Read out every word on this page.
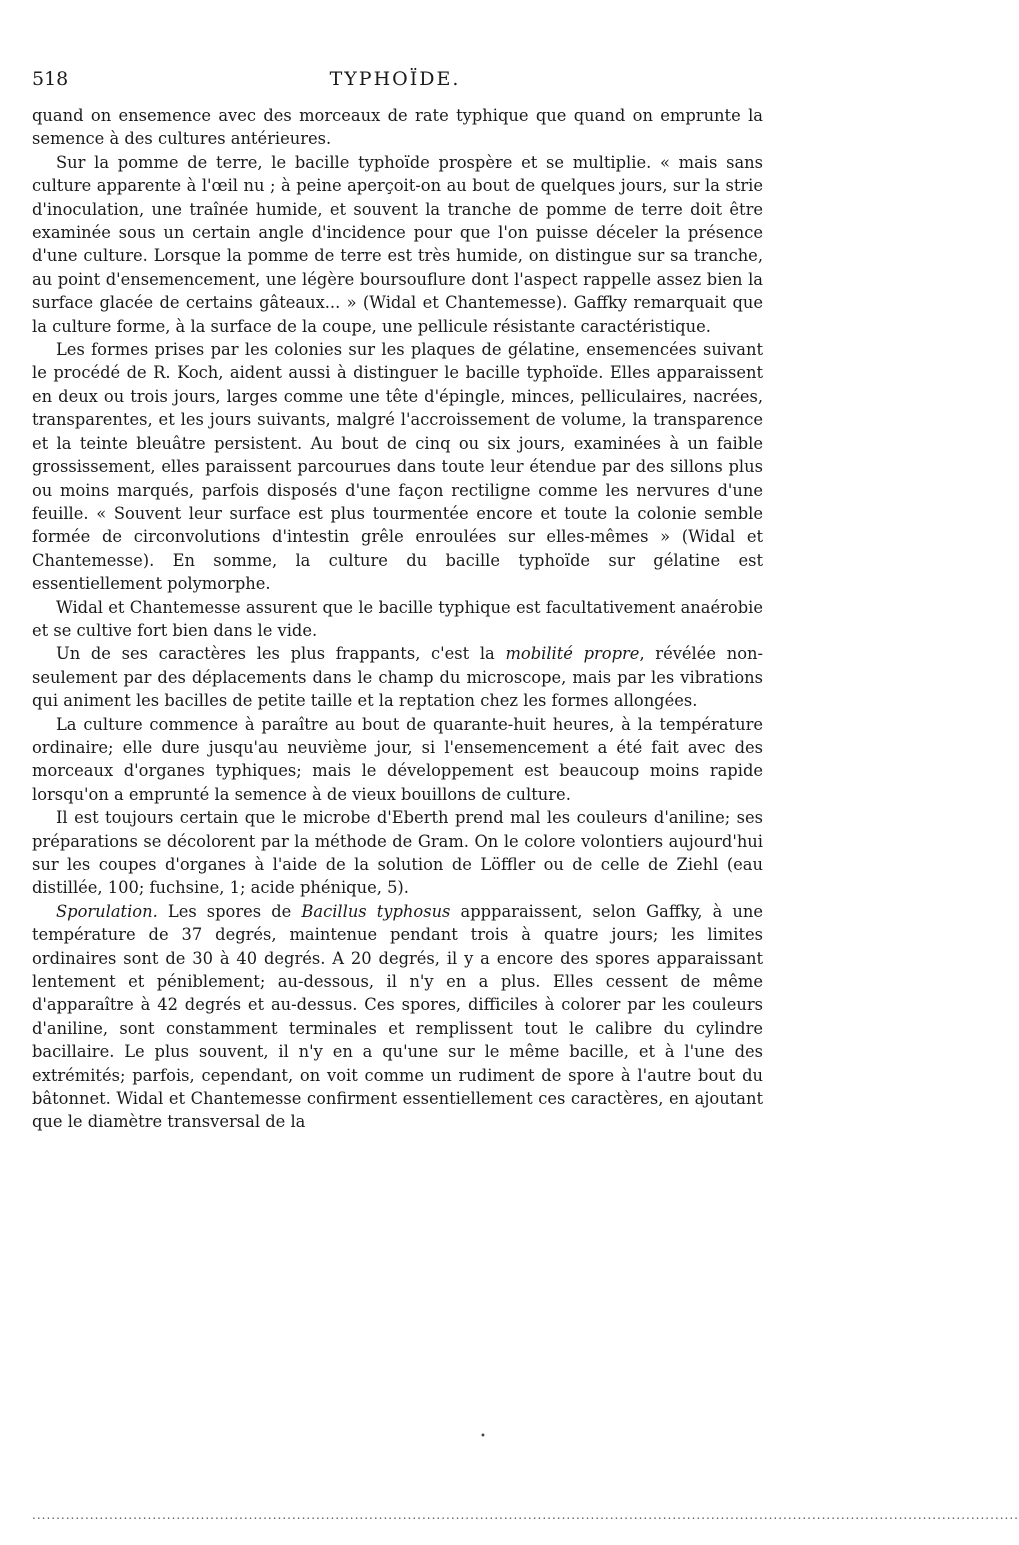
518	TYPHOÏDE.

quand on ensemence avec des morceaux de rate typhique que quand on emprunte la semence à des cultures antérieures.

Sur la pomme de terre, le bacille typhoïde prospère et se multiplie. « mais sans culture apparente à l'œil nu ; à peine aperçoit-on au bout de quelques jours, sur la strie d'inoculation, une traînée humide, et souvent la tranche de pomme de terre doit être examinée sous un certain angle d'incidence pour que l'on puisse déceler la présence d'une culture. Lorsque la pomme de terre est très humide, on distingue sur sa tranche, au point d'ensemencement, une légère boursouflure dont l'aspect rappelle assez bien la surface glacée de certains gâteaux... » (Widal et Chantemesse). Gaffky remarquait que la culture forme, à la surface de la coupe, une pellicule résistante caractéristique.

Les formes prises par les colonies sur les plaques de gélatine, ensemencées suivant le procédé de R. Koch, aident aussi à distinguer le bacille typhoïde. Elles apparaissent en deux ou trois jours, larges comme une tête d'épingle, minces, pelliculaires, nacrées, transparentes, et les jours suivants, malgré l'accroissement de volume, la transparence et la teinte bleuâtre persistent. Au bout de cinq ou six jours, examinées à un faible grossissement, elles paraissent parcourues dans toute leur étendue par des sillons plus ou moins marqués, parfois disposés d'une façon rectiligne comme les nervures d'une feuille. « Souvent leur surface est plus tourmentée encore et toute la colonie semble formée de circonvolutions d'intestin grêle enroulées sur elles-mêmes » (Widal et Chantemesse). En somme, la culture du bacille typhoïde sur gélatine est essentiellement polymorphe.

Widal et Chantemesse assurent que le bacille typhique est facultativement anaérobie et se cultive fort bien dans le vide.

Un de ses caractères les plus frappants, c'est la mobilité propre, révélée non-seulement par des déplacements dans le champ du microscope, mais par les vibrations qui animent les bacilles de petite taille et la reptation chez les formes allongées.

La culture commence à paraître au bout de quarante-huit heures, à la température ordinaire; elle dure jusqu'au neuvième jour, si l'ensemencement a été fait avec des morceaux d'organes typhiques; mais le développement est beaucoup moins rapide lorsqu'on a emprunté la semence à de vieux bouillons de culture.

Il est toujours certain que le microbe d'Eberth prend mal les couleurs d'aniline; ses préparations se décolorent par la méthode de Gram. On le colore volontiers aujourd'hui sur les coupes d'organes à l'aide de la solution de Löffler ou de celle de Ziehl (eau distillée, 100; fuchsine, 1; acide phénique, 5).

Sporulation. Les spores de Bacillus typhosus appparaissent, selon Gaffky, à une température de 37 degrés, maintenue pendant trois à quatre jours; les limites ordinaires sont de 30 à 40 degrés. A 20 degrés, il y a encore des spores apparaissant lentement et péniblement; au-dessous, il n'y en a plus. Elles cessent de même d'apparaître à 42 degrés et au-dessus. Ces spores, difficiles à colorer par les couleurs d'aniline, sont constamment terminales et remplissent tout le calibre du cylindre bacillaire. Le plus souvent, il n'y en a qu'une sur le même bacille, et à l'une des extrémités; parfois, cependant, on voit comme un rudiment de spore à l'autre bout du bâtonnet. Widal et Chantemesse confirment essentiellement ces caractères, en ajoutant que le diamètre transversal de la

•
.............................................................................................................................................................................................................
